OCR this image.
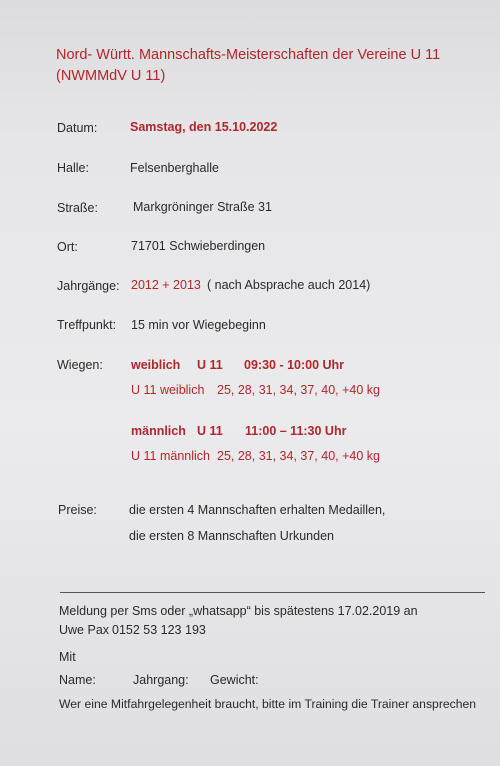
Nord- Württ. Mannschafts-Meisterschaften der Vereine U 11
(NWMMdV U 11)
Datum:	Samstag, den 15.10.2022
Halle:	Felsenberghalle
Straße:	Markgröninger Straße 31
Ort:	71701 Schwieberdingen
Jahrgänge: 2012 + 2013 ( nach Absprache auch 2014)
Treffpunkt: 15 min vor Wiegebeginn
Wiegen: weiblich U 11 09:30 - 10:00 Uhr
U 11 weiblich 25, 28, 31, 34, 37, 40, +40 kg
männlich U 11 11:00 – 11:30 Uhr
U 11 männlich 25, 28, 31, 34, 37, 40, +40 kg
Preise:	die ersten 4 Mannschaften erhalten Medaillen,
die ersten 8 Mannschaften Urkunden
Meldung per Sms oder „whatsapp“ bis spätestens 17.02.2019 an
Uwe Pax 0152 53 123 193
Mit
Name:	Jahrgang: Gewicht:
Wer eine Mitfahrgelegenheit braucht, bitte im Training die Trainer ansprechen
